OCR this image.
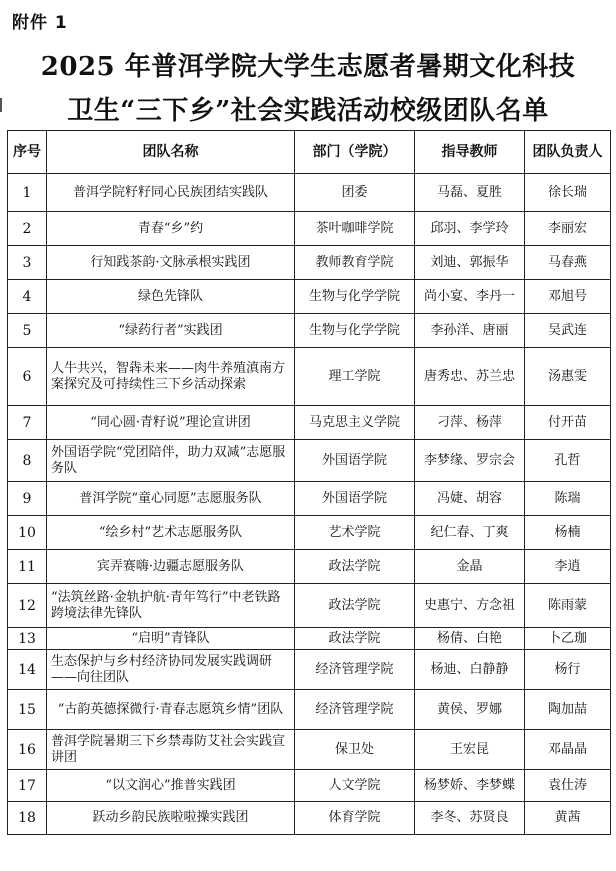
附件 1
2025 年普洱学院大学生志愿者暑期文化科技
卫生“三下乡”社会实践活动校级团队名单
序号	团队名称	部门（学院）	指导教师	团队负责人
1	普洱学院籽籽同心民族团结实践队	团委	马磊、夏胜	徐长瑞
2	青春“乡”约	茶叶咖啡学院	邱羽、李学玲	李丽宏
3	行知践茶韵·文脉承根实践团	教师教育学院	刘迪、郭振华	马春燕
4	绿色先锋队	生物与化学学院	尚小宴、李丹一	邓旭号
5	“绿药行者”实践团	生物与化学学院	李孙洋、唐丽	吴武连
6	人牛共兴，智犇未来——肉牛养殖滇南方案探究及可持续性三下乡活动探索	理工学院	唐秀忠、苏兰忠	汤惠雯
7	“同心圆·青籽说”理论宣讲团	马克思主义学院	刁萍、杨萍	付开苗
8	外国语学院“党团陪伴，助力双减”志愿服务队	外国语学院	李梦缘、罗宗会	孔哲
9	普洱学院“童心同愿”志愿服务队	外国语学院	冯婕、胡容	陈瑞
10	“绘乡村”艺术志愿服务队	艺术学院	纪仁春、丁爽	杨楠
11	宾弄赛嗨·边疆志愿服务队	政法学院	金晶	李逍
12	“法筑丝路·金轨护航·青年笃行”中老铁路跨境法律先锋队	政法学院	史惠宁、方念祖	陈雨蒙
13	“启明”青锋队	政法学院	杨倩、白艳	卜乙珈
14	生态保护与乡村经济协同发展实践调研——向往团队	经济管理学院	杨迪、白静静	杨行
15	“古韵英德探微行·青春志愿筑乡情”团队	经济管理学院	黄侯、罗娜	陶加喆
16	普洱学院暑期三下乡禁毒防艾社会实践宣讲团	保卫处	王宏昆	邓晶晶
17	“以文润心”推普实践团	人文学院	杨梦娇、李梦蝶	袁仕涛
18	跃动乡韵民族啦啦操实践团	体育学院	李冬、苏贤良	黄茜
